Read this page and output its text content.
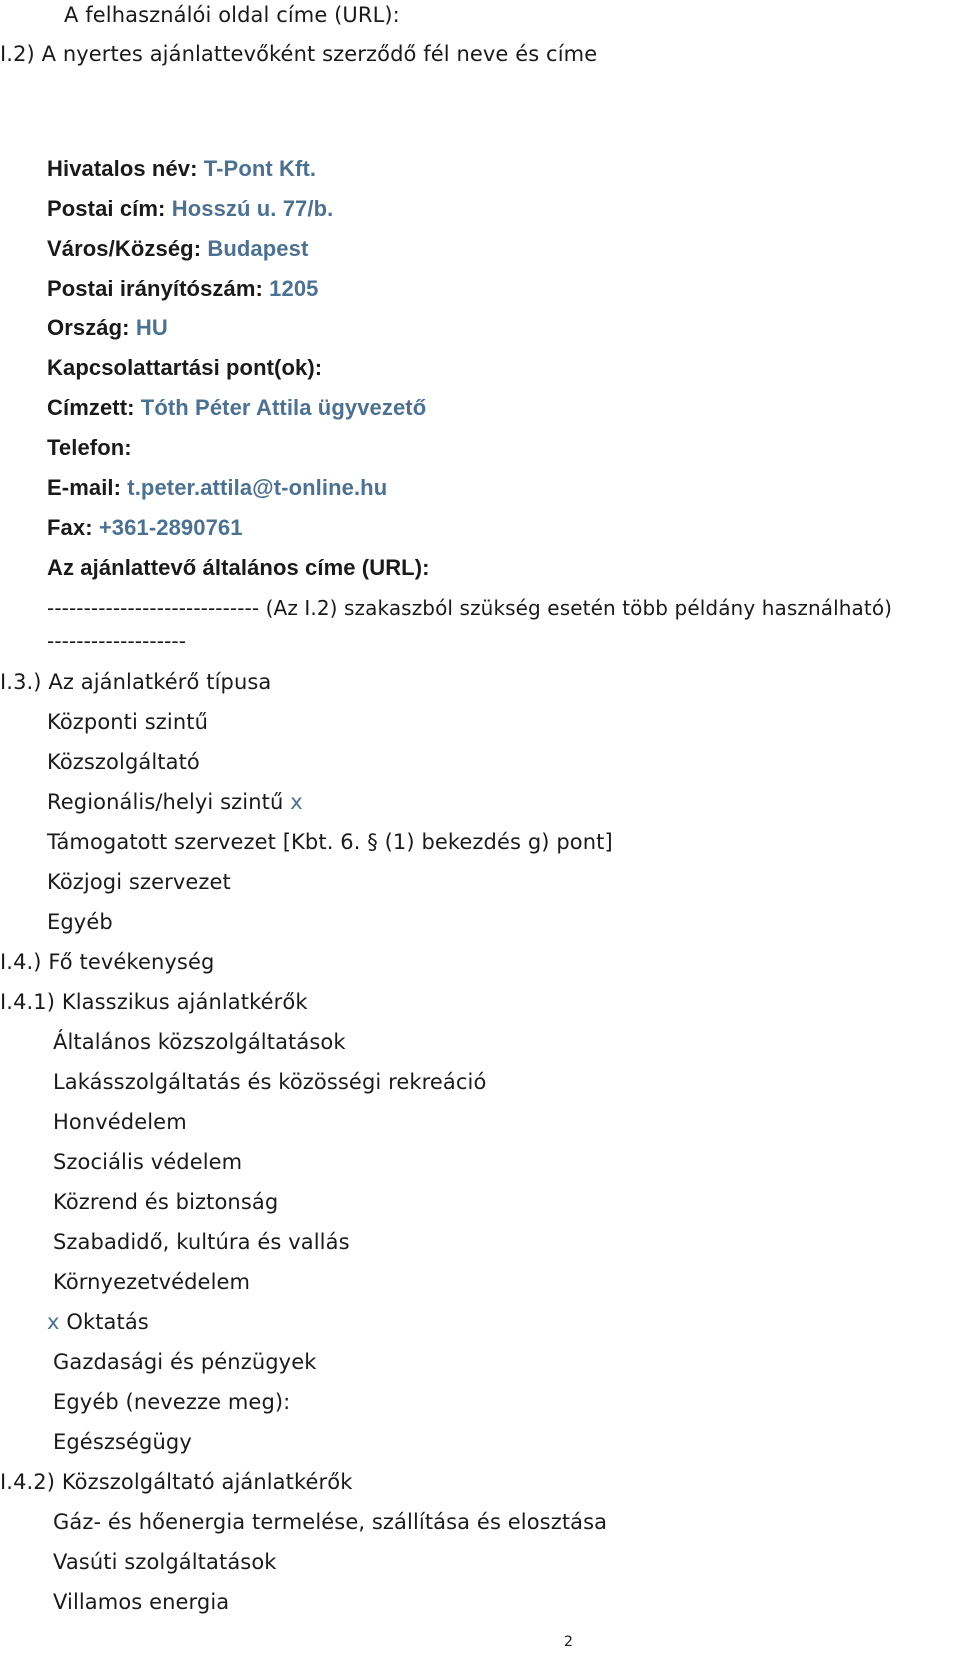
A felhasználói oldal címe (URL):
I.2) A nyertes ajánlattevőként szerződő fél neve és címe
Hivatalos név: T-Pont Kft.
Postai cím: Hosszú u. 77/b.
Város/Község: Budapest
Postai irányítószám: 1205
Ország: HU
Kapcsolattartási pont(ok):
Címzett: Tóth Péter Attila ügyvezető
Telefon:
E-mail: t.peter.attila@t-online.hu
Fax: +361-2890761
Az ajánlattevő általános címe (URL):
----------------------------- (Az I.2) szakaszból szükség esetén több példány használható)
-------------------
I.3.) Az ajánlatkérő típusa
Központi szintű
Közszolgáltató
Regionális/helyi szintű x
Támogatott szervezet [Kbt. 6. § (1) bekezdés g) pont]
Közjogi szervezet
Egyéb
I.4.) Fő tevékenység
I.4.1) Klasszikus ajánlatkérők
Általános közszolgáltatások
Lakásszolgáltatás és közösségi rekreáció
Honvédelem
Szociális védelem
Közrend és biztonság
Szabadidő, kultúra és vallás
Környezetvédelem
x Oktatás
Gazdasági és pénzügyek
Egyéb (nevezze meg):
Egészségügy
I.4.2) Közszolgáltató ajánlatkérők
Gáz- és hőenergia termelése, szállítása és elosztása
Vasúti szolgáltatások
Villamos energia
2
